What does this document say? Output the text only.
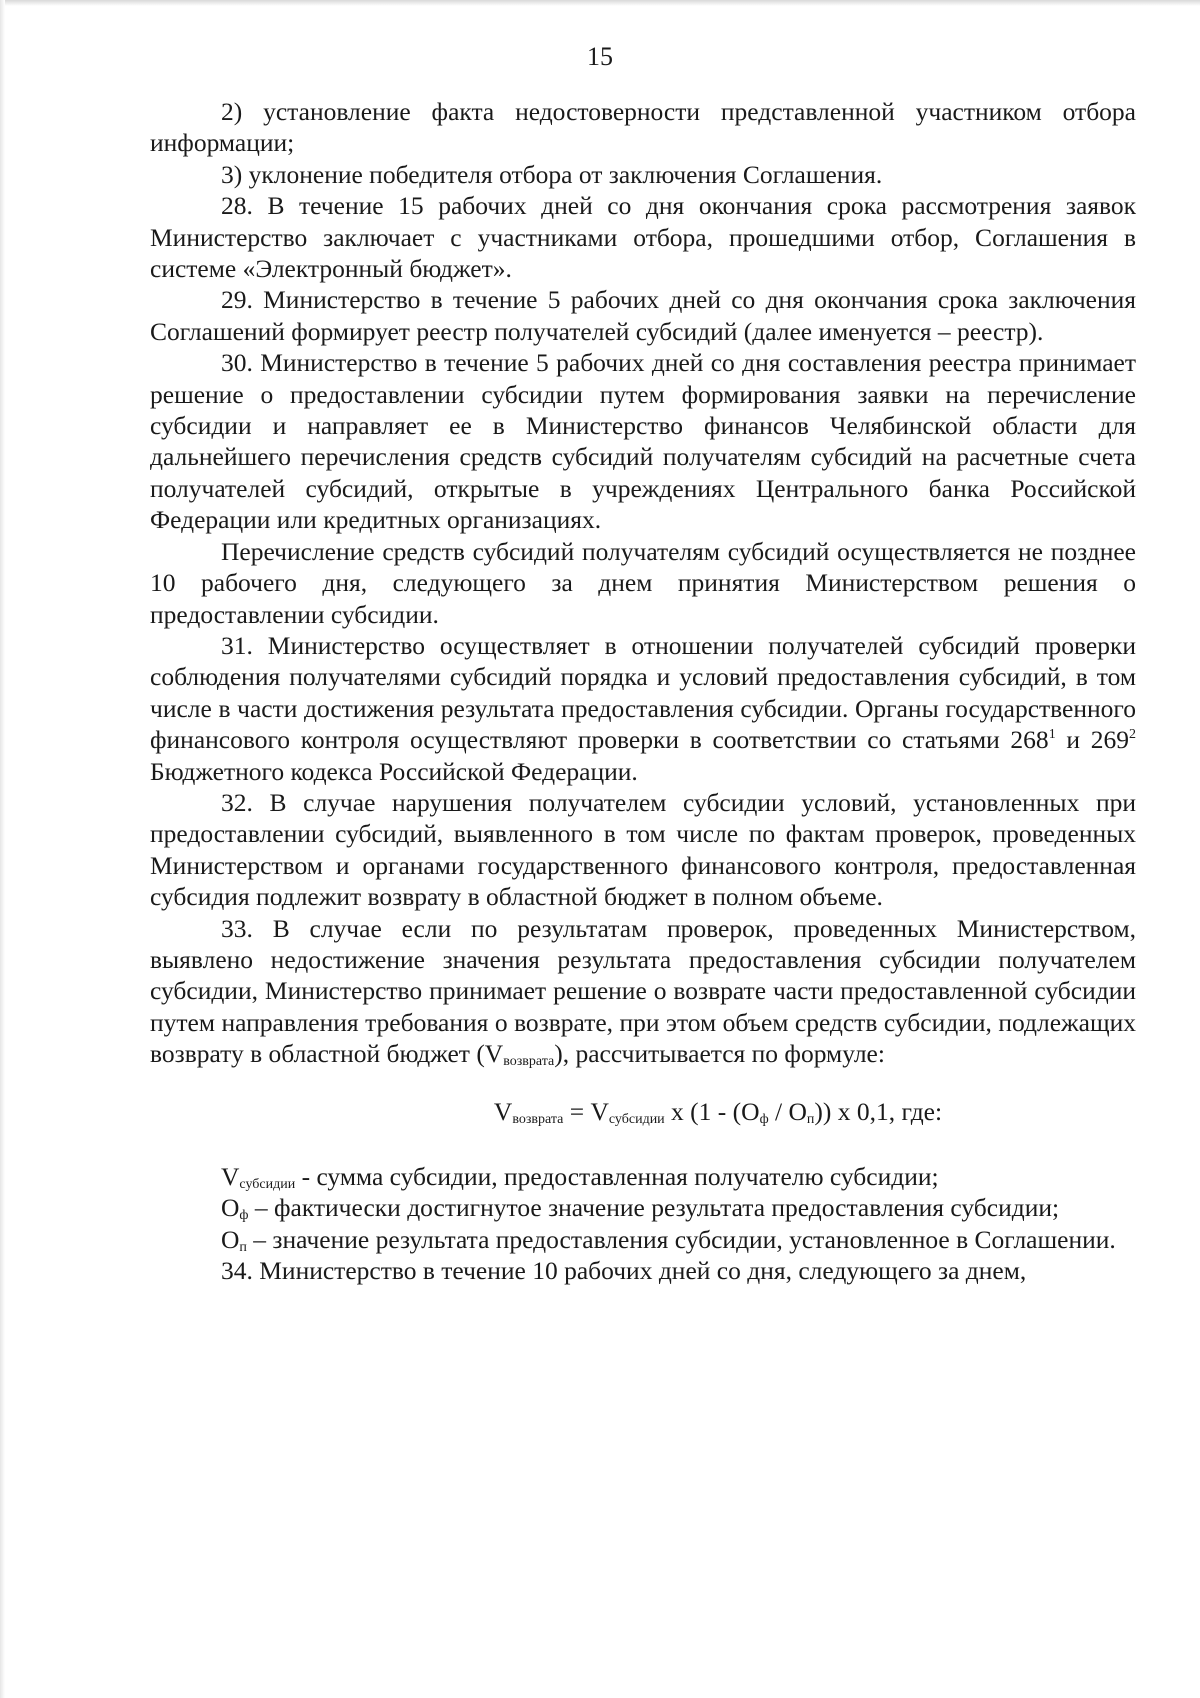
15

2) установление факта недостоверности представленной участником отбора информации;

3) уклонение победителя отбора от заключения Соглашения.

28. В течение 15 рабочих дней со дня окончания срока рассмотрения заявок Министерство заключает с участниками отбора, прошедшими отбор, Соглашения в системе «Электронный бюджет».

29. Министерство в течение 5 рабочих дней со дня окончания срока заключения Соглашений формирует реестр получателей субсидий (далее именуется – реестр).

30. Министерство в течение 5 рабочих дней со дня составления реестра принимает решение о предоставлении субсидии путем формирования заявки на перечисление субсидии и направляет ее в Министерство финансов Челябинской области для дальнейшего перечисления средств субсидий получателям субсидий на расчетные счета получателей субсидий, открытые в учреждениях Центрального банка Российской Федерации или кредитных организациях.

Перечисление средств субсидий получателям субсидий осуществляется не позднее 10 рабочего дня, следующего за днем принятия Министерством решения о предоставлении субсидии.

31. Министерство осуществляет в отношении получателей субсидий проверки соблюдения получателями субсидий порядка и условий предоставления субсидий, в том числе в части достижения результата предоставления субсидии. Органы государственного финансового контроля осуществляют проверки в соответствии со статьями $268^1$ и $269^2$ Бюджетного кодекса Российской Федерации.

32. В случае нарушения получателем субсидии условий, установленных при предоставлении субсидий, выявленного в том числе по фактам проверок, проведенных Министерством и органами государственного финансового контроля, предоставленная субсидия подлежит возврату в областной бюджет в полном объеме.

33. В случае если по результатам проверок, проведенных Министерством, выявлено недостижение значения результата предоставления субсидии получателем субсидии, Министерство принимает решение о возврате части предоставленной субсидии путем направления требования о возврате, при этом объем средств субсидии, подлежащих возврату в областной бюджет $(V_{возврата})$, рассчитывается по формуле:

$V_{возврата} = V_{субсидии}$ x $(1 - (O_ф / O_п))$ x 0,1, где:

$V_{субсидии}$ - сумма субсидии, предоставленная получателю субсидии;

$О_ф$ – фактически достигнутое значение результата предоставления субсидии;

$О_п$ – значение результата предоставления субсидии, установленное в Соглашении.

34. Министерство в течение 10 рабочих дней со дня, следующего за днем,
